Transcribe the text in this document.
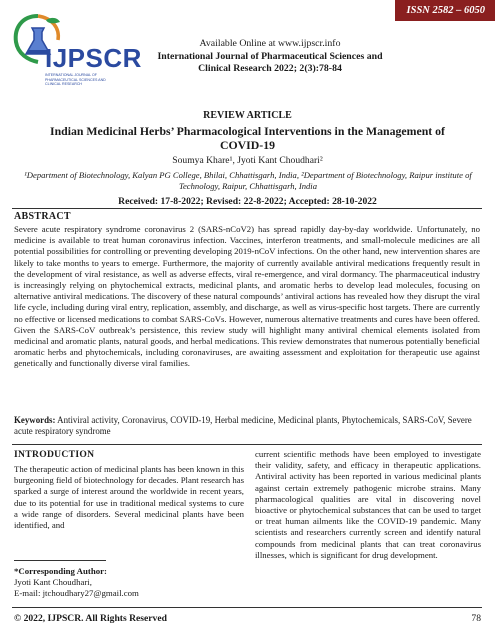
ISSN 2582 – 6050
IJPSCR
INTERNATIONAL JOURNAL OF PHARMACEUTICAL SCIENCES AND CLINICAL RESEARCH
Available Online at www.ijpscr.info
International Journal of Pharmaceutical Sciences and
Clinical Research 2022; 2(3):78-84
REVIEW ARTICLE
Indian Medicinal Herbs’ Pharmacological Interventions in the Management of COVID-19
Soumya Khare¹, Jyoti Kant Choudhari²
¹Department of Biotechnology, Kalyan PG College, Bhilai, Chhattisgarh, India, ²Department of Biotechnology, Raipur institute of Technology, Raipur, Chhattisgarh, India
Received: 17-8-2022; Revised: 22-8-2022; Accepted: 28-10-2022
ABSTRACT

Severe acute respiratory syndrome coronavirus 2 (SARS-nCoV2) has spread rapidly day-by-day worldwide. Unfortunately, no medicine is available to treat human coronavirus infection. Vaccines, interferon treatments, and small-molecule medicines are all potential possibilities for controlling or preventing developing 2019-nCoV infections. On the other hand, new intervention shares are likely to take months to years to emerge. Furthermore, the majority of currently available antiviral medications frequently result in the development of viral resistance, as well as adverse effects, viral re-emergence, and viral dormancy. The pharmaceutical industry is increasingly relying on phytochemical extracts, medicinal plants, and aromatic herbs to develop lead molecules, focusing on alternative antiviral medications. The discovery of these natural compounds’ antiviral actions has revealed how they disrupt the viral life cycle, including during viral entry, replication, assembly, and discharge, as well as virus-specific host targets. There are currently no effective or licensed medications to combat SARS-CoVs. However, numerous alternative treatments and cures have been offered. Given the SARS-CoV outbreak’s persistence, this review study will highlight many antiviral chemical elements isolated from medicinal and aromatic plants, natural goods, and herbal medications. This review demonstrates that numerous potentially beneficial aromatic herbs and phytochemicals, including coronaviruses, are awaiting assessment and exploitation for therapeutic use against genetically and functionally diverse viral families.

Keywords: Antiviral activity, Coronavirus, COVID-19, Herbal medicine, Medicinal plants, Phytochemicals, SARS-CoV, Severe acute respiratory syndrome
INTRODUCTION

The therapeutic action of medicinal plants has been known in this burgeoning field of biotechnology for decades. Plant research has sparked a surge of interest around the worldwide in recent years, due to its potential for use in traditional medical systems to cure a wide range of disorders. Several medicinal plants have been identified, and

current scientific methods have been employed to investigate their validity, safety, and efficacy in therapeutic applications. Antiviral activity has been reported in various medicinal plants against certain extremely pathogenic microbe strains. Many pharmacological qualities are vital in discovering novel bioactive or phytochemical substances that can be used to target or treat human ailments like the COVID-19 pandemic. Many scientists and researchers currently screen and identify natural compounds from medicinal plants that can treat coronavirus illnesses, which is significant for drug development.

*Corresponding Author:
Jyoti Kant Choudhari,
E-mail: jtchoudhary27@gmail.com
© 2022, IJPSCR. All Rights Reserved	78
